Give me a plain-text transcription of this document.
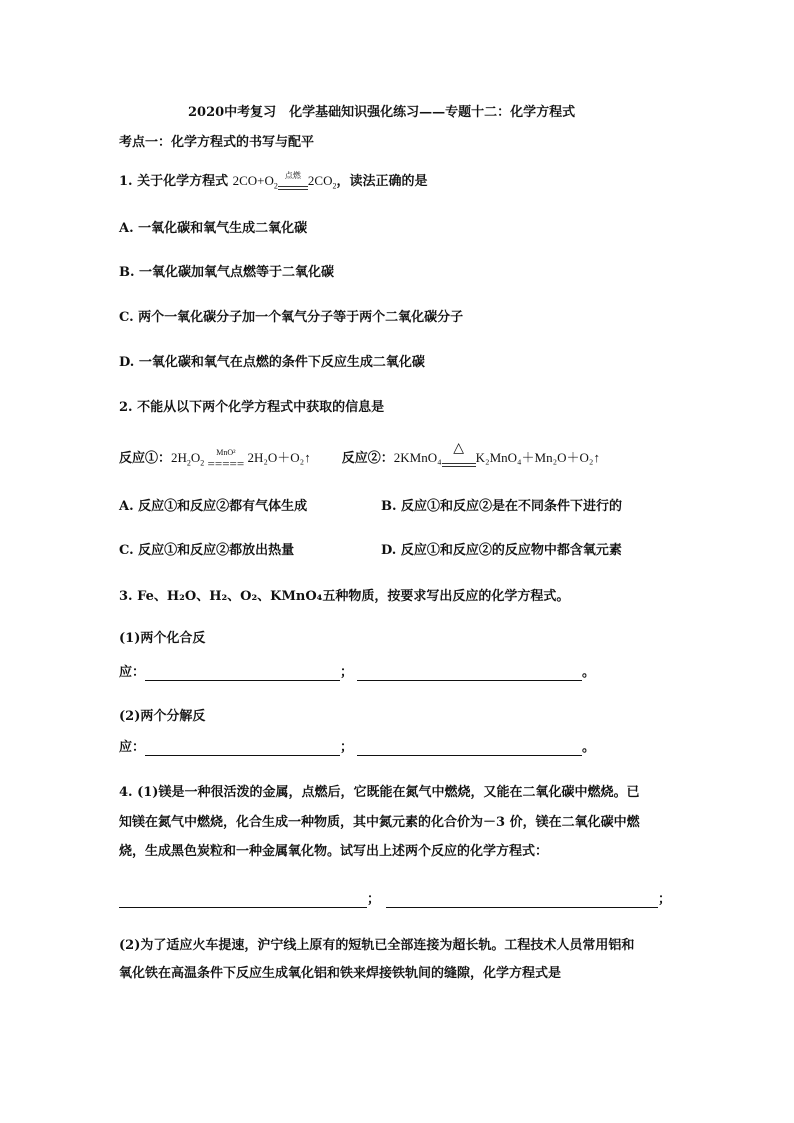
2020中考复习　化学基础知识强化练习——专题十二：化学方程式
考点一：化学方程式的书写与配平
1. 关于化学方程式 $2CO+O_2$
点燃 $2CO_2$，读法正确的是
A. 一氧化碳和氧气生成二氧化碳
B. 一氧化碳加氧气点燃等于二氧化碳
C. 两个一氧化碳分子加一个氧气分子等于两个二氧化碳分子
D. 一氧化碳和氧气在点燃的条件下反应生成二氧化碳
2. 不能从以下两个化学方程式中获取的信息是
反应①：$2H_2O_2$
MnO²
===== 2H₂O＋O₂↑ 反应②：2KMnO₄
△
K₂MnO₄＋Mn₂O＋O₂↑
A. 反应①和反应②都有气体生成	B. 反应①和反应②是在不同条件下进行的
C. 反应①和反应②都放出热量	D. 反应①和反应②的反应物中都含氧元素
3. Fe、H₂O、H₂、O₂、KMnO₄五种物质，按要求写出反应的化学方程式。
(1)两个化合反
应：	；	。
(2)两个分解反
应：	；	。
4. (1)镁是一种很活泼的金属，点燃后，它既能在氮气中燃烧，又能在二氧化碳中燃烧。已
知镁在氮气中燃烧，化合生成一种物质，其中氮元素的化合价为－3 价，镁在二氧化碳中燃
烧，生成黑色炭粒和一种金属氧化物。试写出上述两个反应的化学方程式：
；	；
(2)为了适应火车提速，沪宁线上原有的短轨已全部连接为超长轨。工程技术人员常用铝和
氧化铁在高温条件下反应生成氧化铝和铁来焊接铁轨间的缝隙，化学方程式是
